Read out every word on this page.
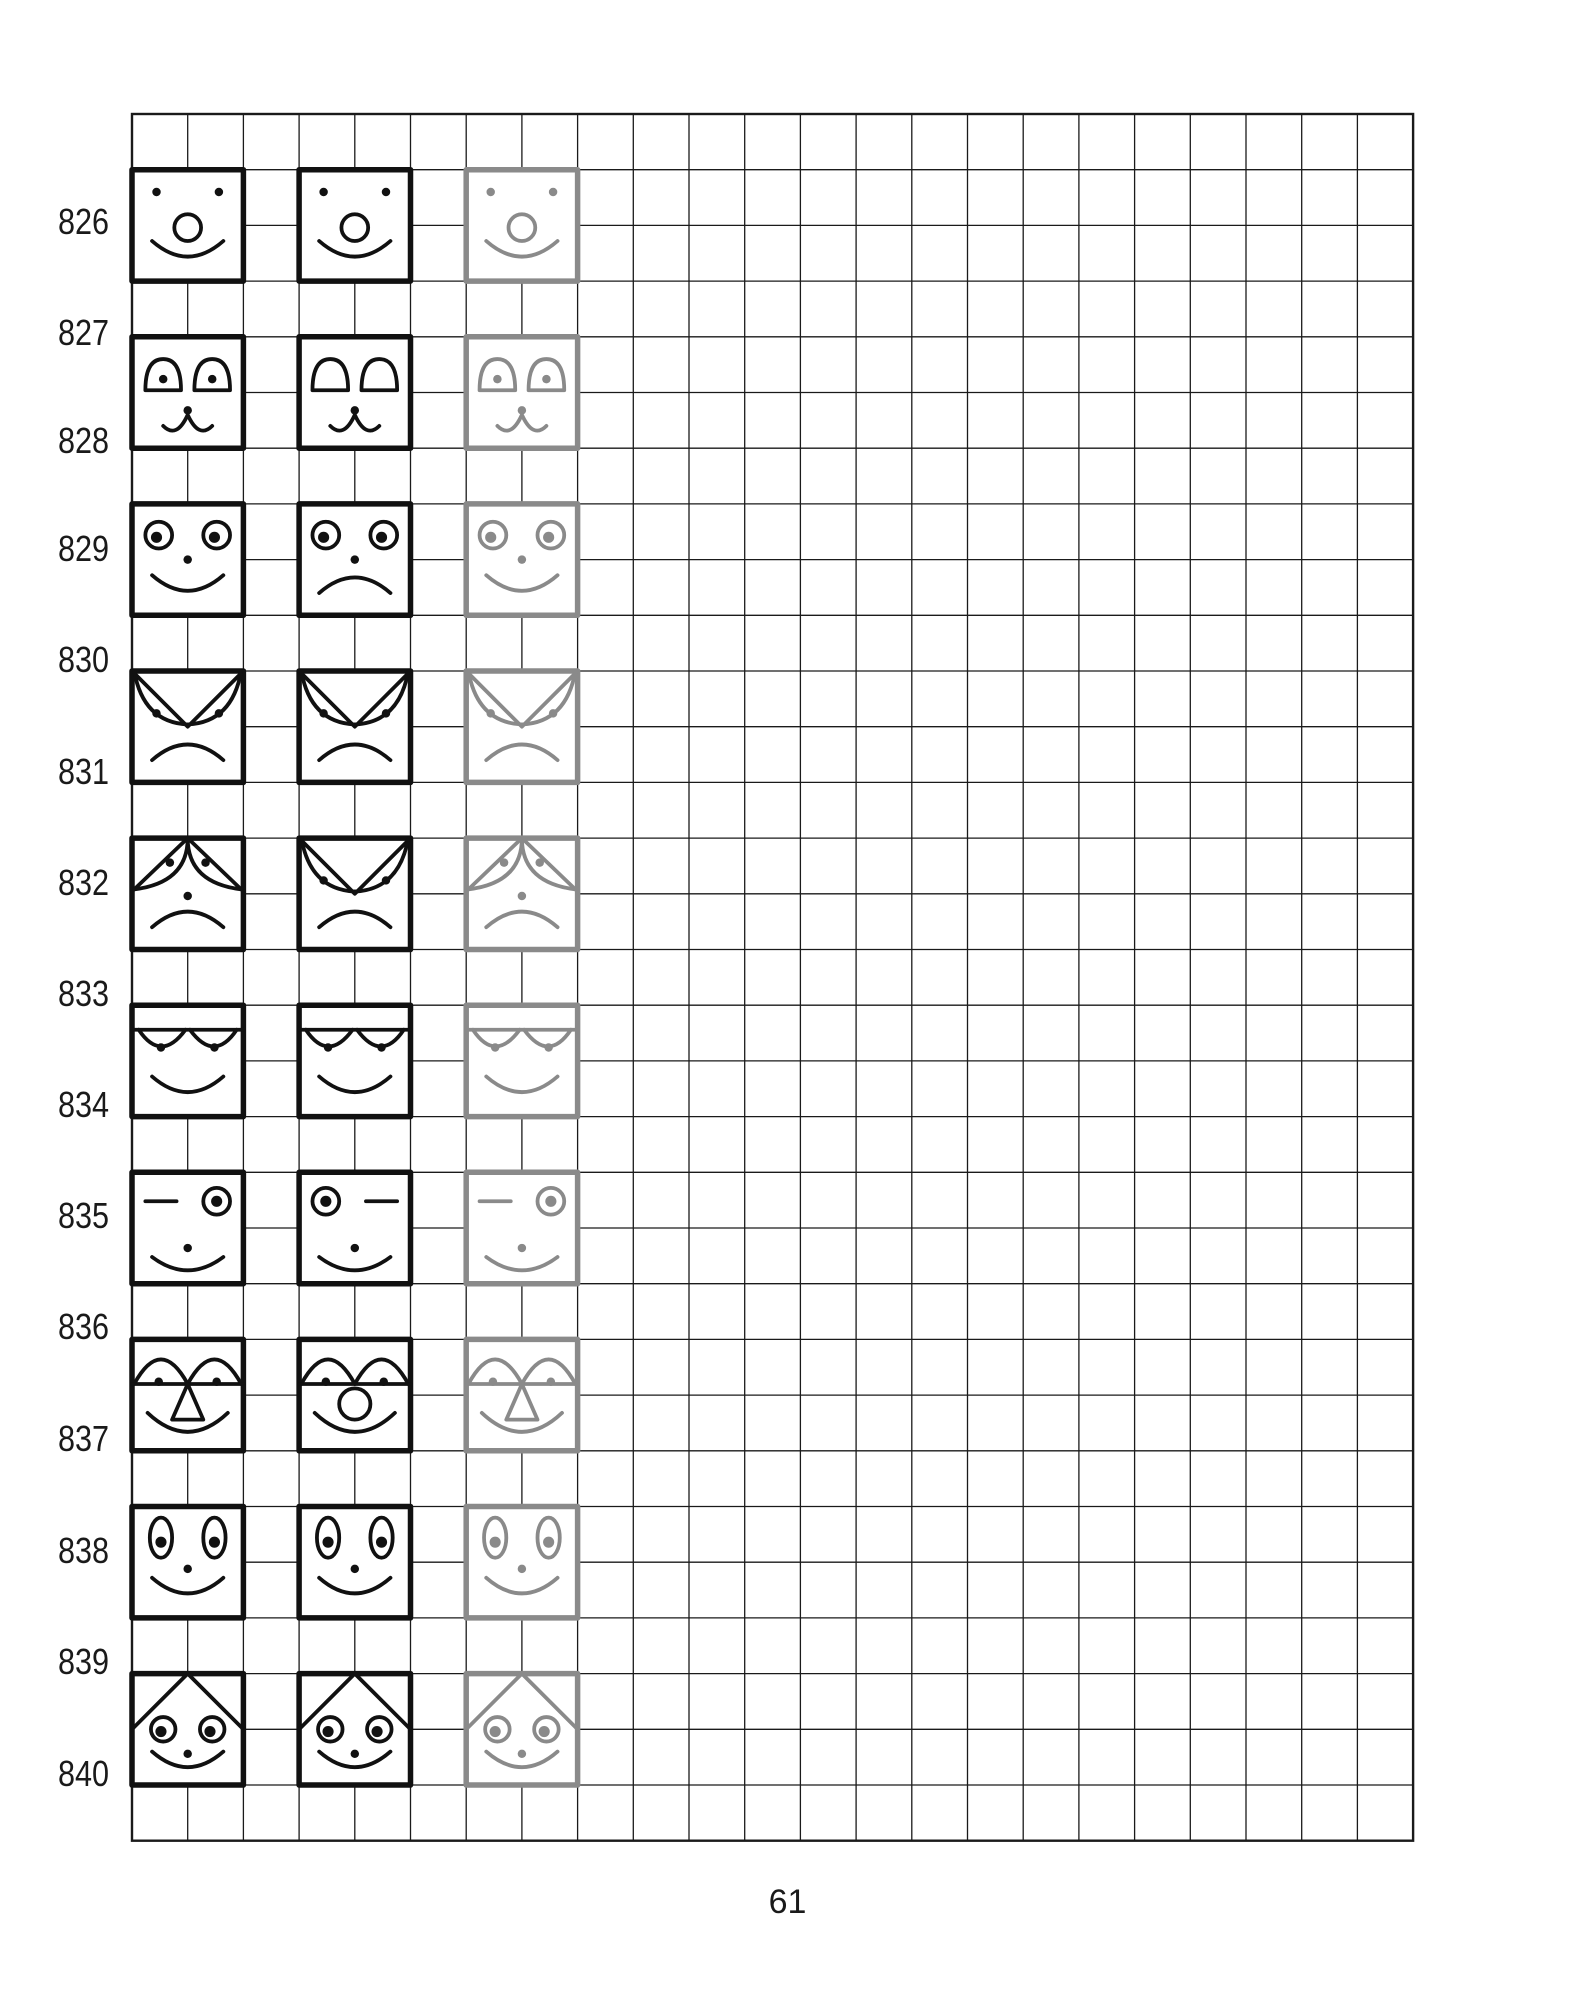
826
827
828
829
830
831
832
833
834
835
836
837
838
839
840
61
